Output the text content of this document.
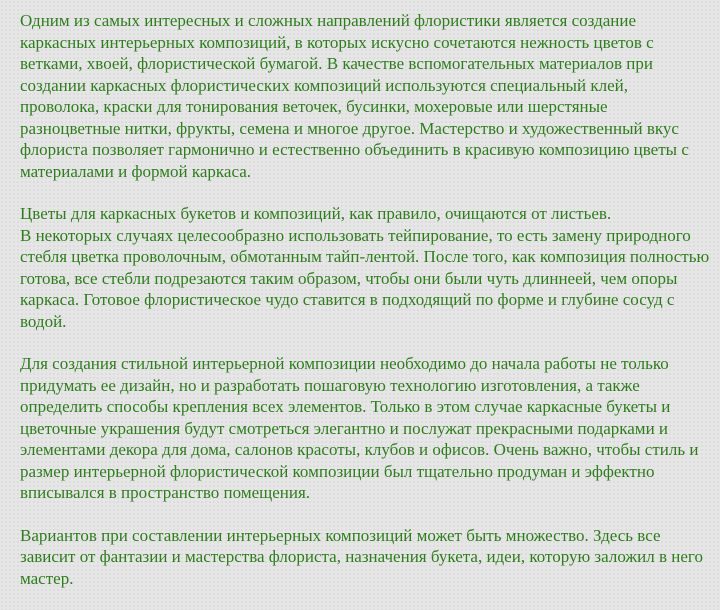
Одним из самых интересных и сложных направлений флористики является создание каркасных интерьерных композиций, в которых искусно сочетаются нежность цветов с ветками, хвоей, флористической бумагой. В качестве вспомогательных материалов при создании каркасных флористических композиций используются специальный клей, проволока, краски для тонирования веточек, бусинки, мохеровые или шерстяные разноцветные нитки, фрукты, семена и многое другое. Мастерство и художественный вкус флориста позволяет гармонично и естественно объединить в красивую композицию цветы с материалами и формой каркаса.

Цветы для каркасных букетов и композиций, как правило, очищаются от листьев.
В некоторых случаях целесообразно использовать тейпирование, то есть замену природного стебля цветка проволочным, обмотанным тайп-лентой. После того, как композиция полностью готова, все стебли подрезаются таким образом, чтобы они были чуть длиннеей, чем опоры каркаса. Готовое флористическое чудо ставится в подходящий по форме и глубине сосуд с водой.

Для создания стильной интерьерной композиции необходимо до начала работы не только придумать ее дизайн, но и разработать пошаговую технологию изготовления, а также определить способы крепления всех элементов. Только в этом случае каркасные букеты и цветочные украшения будут смотреться элегантно и послужат прекрасными подарками и элементами декора для дома, салонов красоты, клубов и офисов. Очень важно, чтобы стиль и размер интерьерной флористической композиции был тщательно продуман и эффектно вписывался в пространство помещения.

Вариантов при составлении интерьерных композиций может быть множество. Здесь все зависит от фантазии и мастерства флориста, назначения букета, идеи, которую заложил в него мастер.
